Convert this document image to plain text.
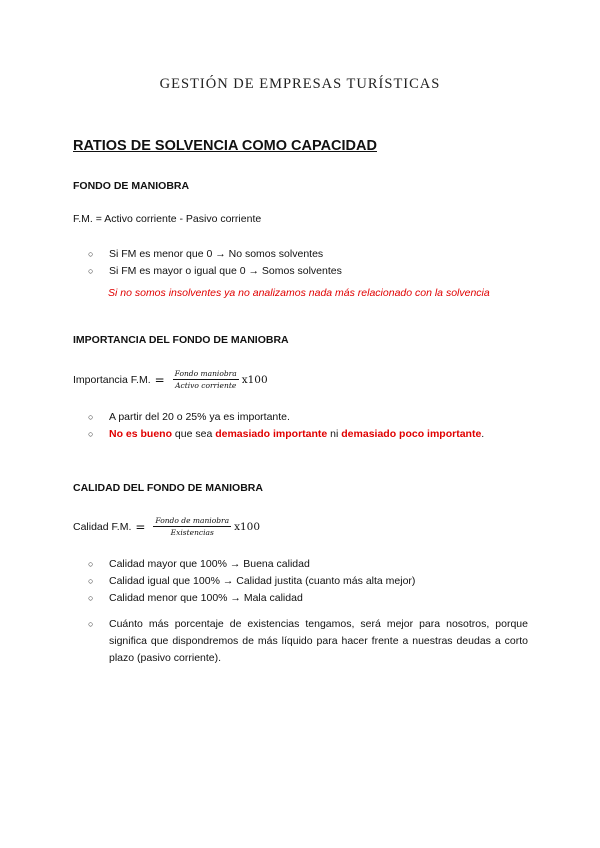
GESTIÓN DE EMPRESAS TURÍSTICAS
RATIOS DE SOLVENCIA COMO CAPACIDAD
FONDO DE MANIOBRA
F.M. = Activo corriente - Pasivo corriente
○ Si FM es menor que 0 → No somos solventes
○ Si FM es mayor o igual que 0 → Somos solventes
Si no somos insolventes ya no analizamos nada más relacionado con la solvencia
IMPORTANCIA DEL FONDO DE MANIOBRA
Importancia F.M. = $\frac{\text{Fondo maniobra}}{\text{Activo corriente}} x100$
○ A partir del 20 o 25% ya es importante.
○ No es bueno que sea demasiado importante ni demasiado poco importante.
CALIDAD DEL FONDO DE MANIOBRA
Calidad F.M. = $\frac{\text{Fondo de maniobra}}{\text{Existencias}} x100$
○ Calidad mayor que 100% → Buena calidad
○ Calidad igual que 100% → Calidad justita (cuanto más alta mejor)
○ Calidad menor que 100% → Mala calidad
○ Cuánto más porcentaje de existencias tengamos, será mejor para nosotros, porque significa que dispondremos de más líquido para hacer frente a nuestras deudas a corto plazo (pasivo corriente).
